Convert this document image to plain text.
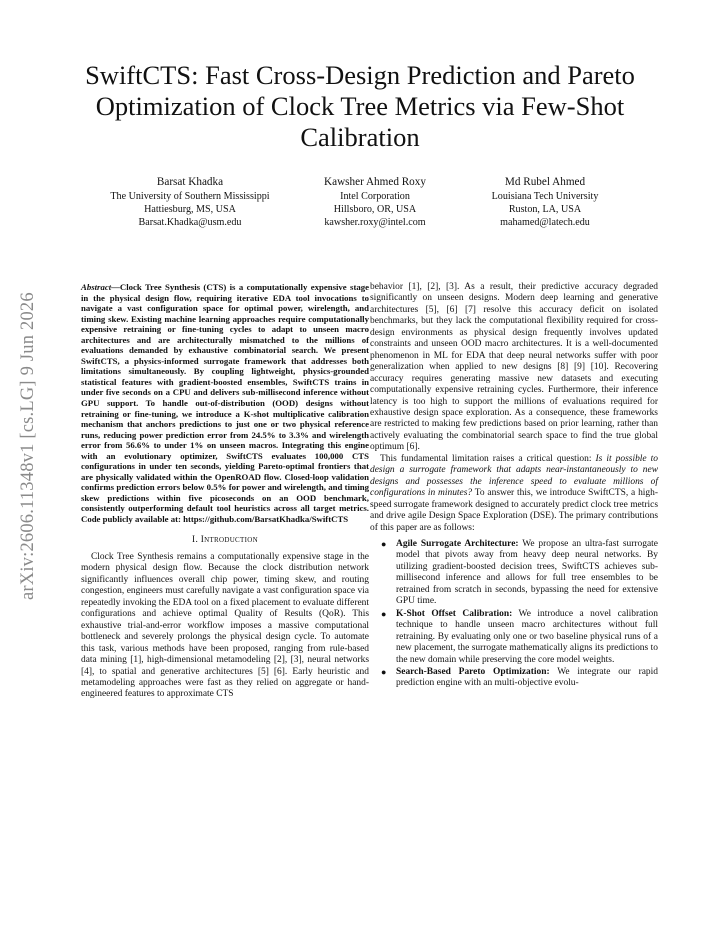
arXiv:2606.11348v1 [cs.LG] 9 Jun 2026
SwiftCTS: Fast Cross-Design Prediction and Pareto Optimization of Clock Tree Metrics via Few-Shot Calibration
Barsat Khadka
The University of Southern Mississippi
Hattiesburg, MS, USA
Barsat.Khadka@usm.edu
Kawsher Ahmed Roxy
Intel Corporation
Hillsboro, OR, USA
kawsher.roxy@intel.com
Md Rubel Ahmed
Louisiana Tech University
Ruston, LA, USA
mahamed@latech.edu
Abstract—Clock Tree Synthesis (CTS) is a computationally expensive stage in the physical design flow, requiring iterative EDA tool invocations to navigate a vast configuration space for optimal power, wirelength, and timing skew. Existing machine learning approaches require computationally expensive retraining or fine-tuning cycles to adapt to unseen macro architectures and are architecturally mismatched to the millions of evaluations demanded by exhaustive combinatorial search. We present SwiftCTS, a physics-informed surrogate framework that addresses both limitations simultaneously. By coupling lightweight, physics-grounded statistical features with gradient-boosted ensembles, SwiftCTS trains in under five seconds on a CPU and delivers sub-millisecond inference without GPU support. To handle out-of-distribution (OOD) designs without retraining or fine-tuning, we introduce a K-shot multiplicative calibration mechanism that anchors predictions to just one or two physical reference runs, reducing power prediction error from 24.5% to 3.3% and wirelength error from 56.6% to under 1% on unseen macros. Integrating this engine with an evolutionary optimizer, SwiftCTS evaluates 100,000 CTS configurations in under ten seconds, yielding Pareto-optimal frontiers that are physically validated within the OpenROAD flow. Closed-loop validation confirms prediction errors below 0.5% for power and wirelength, and timing skew predictions within five picoseconds on an OOD benchmark, consistently outperforming default tool heuristics across all target metrics. Code publicly available at: https://github.com/BarsatKhadka/SwiftCTS
I. Introduction

Clock Tree Synthesis remains a computationally expensive stage in the modern physical design flow. Because the clock distribution network significantly influences overall chip power, timing skew, and routing congestion, engineers must carefully navigate a vast configuration space via repeatedly invoking the EDA tool on a fixed placement to evaluate different configurations and achieve optimal Quality of Results (QoR). This exhaustive trial-and-error workflow imposes a massive computational bottleneck and severely prolongs the physical design cycle. To automate this task, various methods have been proposed, ranging from rule-based data mining [1], high-dimensional metamodeling [2], [3], neural networks [4], to spatial and generative architectures [5] [6]. Early heuristic and metamodeling approaches were fast as they relied on aggregate or hand-engineered features to approximate CTS

behavior [1], [2], [3]. As a result, their predictive accuracy degraded significantly on unseen designs. Modern deep learning and generative architectures [5], [6] [7] resolve this accuracy deficit on isolated benchmarks, but they lack the computational flexibility required for cross-design environments as physical design frequently involves updated constraints and unseen OOD macro architectures. It is a well-documented phenomenon in ML for EDA that deep neural networks suffer with poor generalization when applied to new designs [8] [9] [10]. Recovering accuracy requires generating massive new datasets and executing computationally expensive retraining cycles. Furthermore, their inference latency is too high to support the millions of evaluations required for exhaustive design space exploration. As a consequence, these frameworks are restricted to making few predictions based on prior learning, rather than actively evaluating the combinatorial search space to find the true global optimum [6].

This fundamental limitation raises a critical question: Is it possible to design a surrogate framework that adapts near-instantaneously to new designs and possesses the inference speed to evaluate millions of configurations in minutes? To answer this, we introduce SwiftCTS, a high-speed surrogate framework designed to accurately predict clock tree metrics and drive agile Design Space Exploration (DSE). The primary contributions of this paper are as follows:

● Agile Surrogate Architecture: We propose an ultra-fast surrogate model that pivots away from heavy deep neural networks. By utilizing gradient-boosted decision trees, SwiftCTS achieves sub-millisecond inference and allows for full tree ensembles to be retrained from scratch in seconds, bypassing the need for extensive GPU time.
● K-Shot Offset Calibration: We introduce a novel calibration technique to handle unseen macro architectures without full retraining. By evaluating only one or two baseline physical runs of a new placement, the surrogate mathematically aligns its predictions to the new domain while preserving the core model weights.
● Search-Based Pareto Optimization: We integrate our rapid prediction engine with an multi-objective evolu-
